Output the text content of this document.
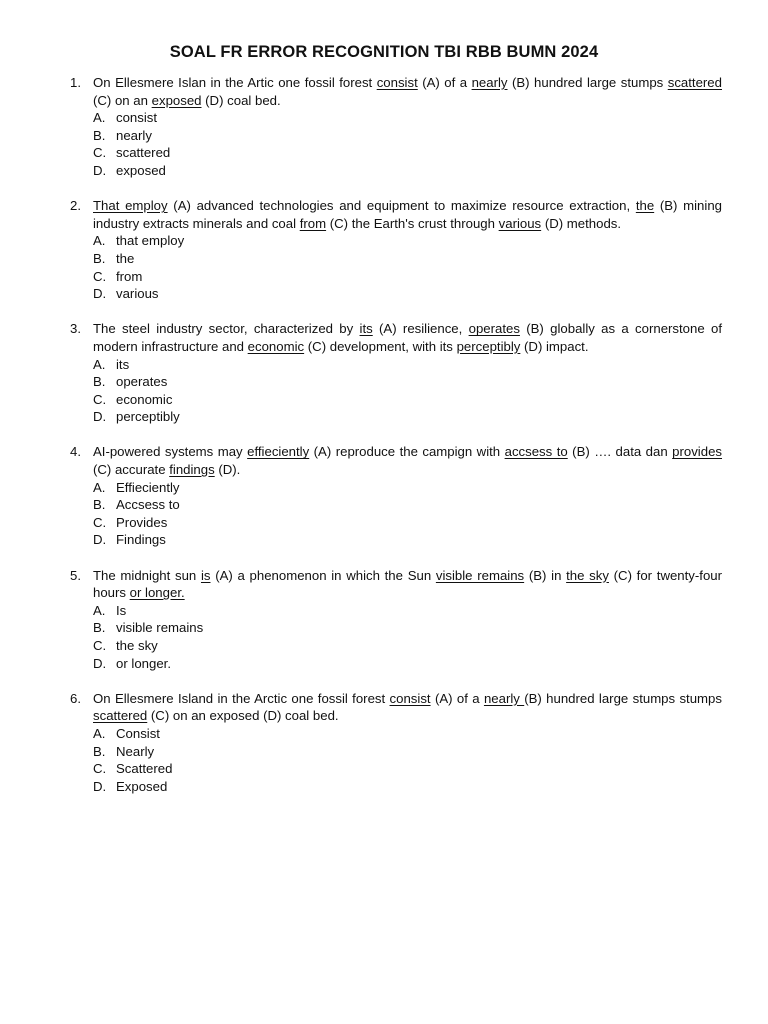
SOAL FR ERROR RECOGNITION TBI RBB BUMN 2024
1. On Ellesmere Islan in the Artic one fossil forest consist (A) of a nearly (B) hundred large stumps scattered (C) on an exposed (D) coal bed.
A. consist
B. nearly
C. scattered
D. exposed
2. That employ (A) advanced technologies and equipment to maximize resource extraction, the (B) mining industry extracts minerals and coal from (C) the Earth's crust through various (D) methods.
A. that employ
B. the
C. from
D. various
3. The steel industry sector, characterized by its (A) resilience, operates (B) globally as a cornerstone of modern infrastructure and economic (C) development, with its perceptibly (D) impact.
A. its
B. operates
C. economic
D. perceptibly
4. AI-powered systems may effieciently (A) reproduce the campign with accsess to (B) …. data dan provides (C) accurate findings (D).
A. Effieciently
B. Accsess to
C. Provides
D. Findings
5. The midnight sun is (A) a phenomenon in which the Sun visible remains (B) in the sky (C) for twenty-four hours or longer.
A. Is
B. visible remains
C. the sky
D. or longer.
6. On Ellesmere Island in the Arctic one fossil forest consist (A) of a nearly (B) hundred large stumps stumps scattered (C) on an exposed (D) coal bed.
A. Consist
B. Nearly
C. Scattered
D. Exposed
